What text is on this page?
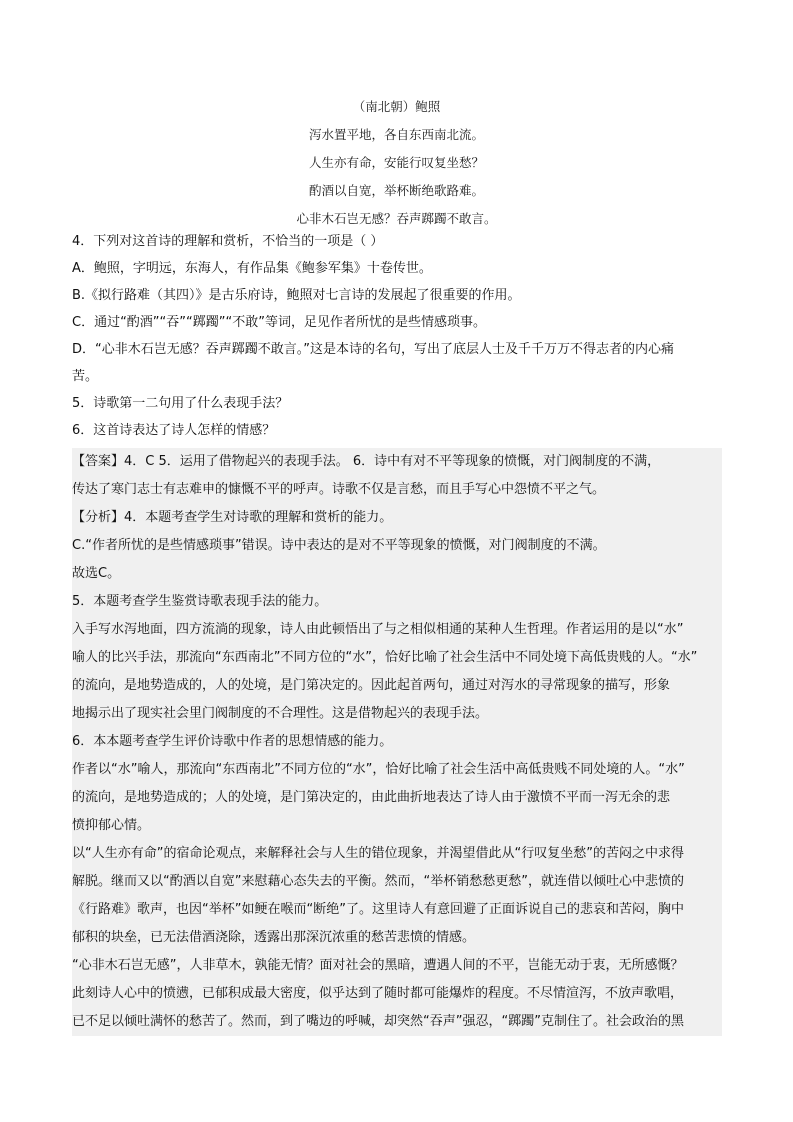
（南北朝）鲍照
泻水置平地，各自东西南北流。
人生亦有命，安能行叹复坐愁？
酌酒以自宽，举杯断绝歌路难。
心非木石岂无感？吞声踯躅不敢言。
4．下列对这首诗的理解和赏析，不恰当的一项是（ ）
A．鲍照，字明远，东海人，有作品集《鲍参军集》十卷传世。
B.《拟行路难（其四）》是古乐府诗，鲍照对七言诗的发展起了很重要的作用。
C．通过“酌酒”“吞”“踯躅”“不敢”等词，足见作者所忧的是些情感琐事。
D．“心非木石岂无感？吞声踯躅不敢言。”这是本诗的名句，写出了底层人士及千千万万不得志者的内心痛
苦。
5．诗歌第一二句用了什么表现手法？
6．这首诗表达了诗人怎样的情感？
【答案】4．C 5．运用了借物起兴的表现手法。 6．诗中有对不平等现象的愤慨，对门阀制度的不满，
传达了寒门志士有志难申的慷慨不平的呼声。诗歌不仅是言愁，而且手写心中怨愤不平之气。
【分析】4．本题考查学生对诗歌的理解和赏析的能力。
C.“作者所忧的是些情感琐事”错误。诗中表达的是对不平等现象的愤慨，对门阀制度的不满。
故选C。
5．本题考查学生鉴赏诗歌表现手法的能力。
入手写水泻地面，四方流淌的现象，诗人由此顿悟出了与之相似相通的某种人生哲理。作者运用的是以“水”
喻人的比兴手法，那流向“东西南北”不同方位的“水”，恰好比喻了社会生活中不同处境下高低贵贱的人。“水”
的流向，是地势造成的，人的处境，是门第决定的。因此起首两句，通过对泻水的寻常现象的描写，形象
地揭示出了现实社会里门阀制度的不合理性。这是借物起兴的表现手法。
6．本本题考查学生评价诗歌中作者的思想情感的能力。
作者以“水”喻人，那流向“东西南北”不同方位的“水”，恰好比喻了社会生活中高低贵贱不同处境的人。“水”
的流向，是地势造成的；人的处境，是门第决定的，由此曲折地表达了诗人由于激愤不平而一泻无余的悲
愤抑郁心情。
以“人生亦有命”的宿命论观点，来解释社会与人生的错位现象，并渴望借此从“行叹复坐愁”的苦闷之中求得
解脱。继而又以“酌酒以自宽”来慰藉心态失去的平衡。然而，“举杯销愁愁更愁”，就连借以倾吐心中悲愤的
《行路难》歌声，也因“举杯”如鲠在喉而“断绝”了。这里诗人有意回避了正面诉说自己的悲哀和苦闷，胸中
郁积的块垒，已无法借酒浇除，透露出那深沉浓重的愁苦悲愤的情感。
“心非木石岂无感”，人非草木，孰能无情？面对社会的黑暗，遭遇人间的不平，岂能无动于衷，无所感慨？
此刻诗人心中的愤懑，已郁积成最大密度，似乎达到了随时都可能爆炸的程度。不尽情渲泻，不放声歌唱，
已不足以倾吐满怀的愁苦了。然而，到了嘴边的呼喊，却突然“吞声”强忍，“踯躅”克制住了。社会政治的黑
